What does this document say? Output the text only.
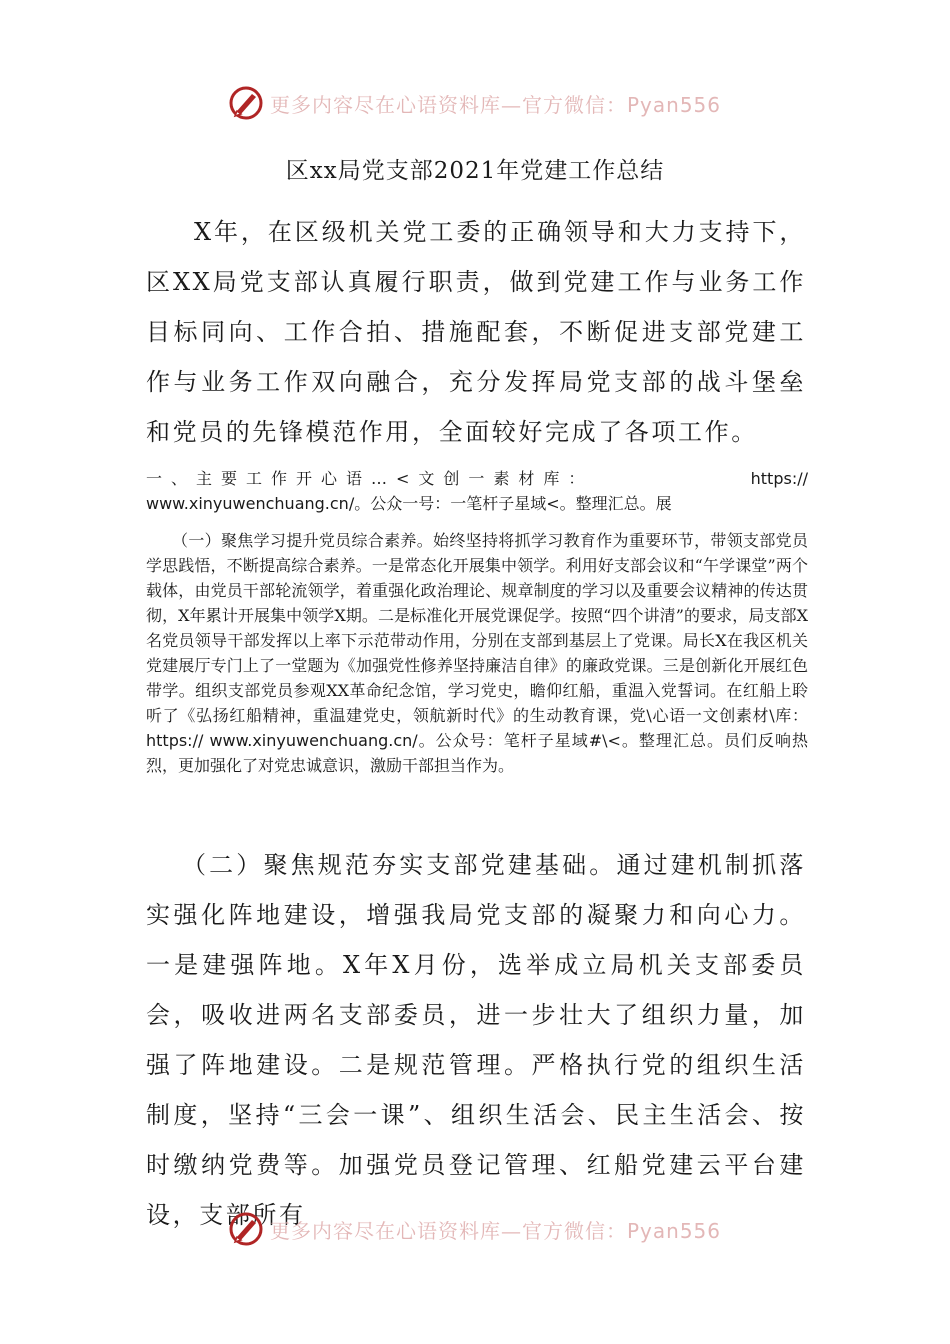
更多内容尽在心语资料库—官方微信：Pyan556
区xx局党支部2021年党建工作总结
X年，在区级机关党工委的正确领导和大力支持下，区XX局党支部认真履行职责，做到党建工作与业务工作目标同向、工作合拍、措施配套，不断促进支部党建工作与业务工作双向融合，充分发挥局党支部的战斗堡垒和党员的先锋模范作用，全面较好完成了各项工作。
一、主要工作开心语…<文创一素材库：	https://
www.xinyuwenchuang.cn/。公众一号：一笔杆子星域<。整理汇总。展
（一）聚焦学习提升党员综合素养。始终坚持将抓学习教育作为重要环节，带领支部党员学思践悟，不断提高综合素养。一是常态化开展集中领学。利用好支部会议和“午学课堂”两个载体，由党员干部轮流领学，着重强化政治理论、规章制度的学习以及重要会议精神的传达贯彻，X年累计开展集中领学X期。二是标准化开展党课促学。按照“四个讲清”的要求，局支部X名党员领导干部发挥以上率下示范带动作用，分别在支部到基层上了党课。局长X在我区机关党建展厅专门上了一堂题为《加强党性修养坚持廉洁自律》的廉政党课。三是创新化开展红色带学。组织支部党员参观XX革命纪念馆，学习党史，瞻仰红船，重温入党誓词。在红船上聆听了《弘扬红船精神，重温建党史，领航新时代》的生动教育课，党\心语一文创素材\库：https:// www.xinyuwenchuang.cn/。公众号：笔杆子星域#\<。整理汇总。员们反响热烈，更加强化了对党忠诚意识，激励干部担当作为。
（二）聚焦规范夯实支部党建基础。通过建机制抓落实强化阵地建设，增强我局党支部的凝聚力和向心力。一是建强阵地。X年X月份，选举成立局机关支部委员会，吸收进两名支部委员，进一步壮大了组织力量，加强了阵地建设。二是规范管理。严格执行党的组织生活制度，坚持“三会一课”、组织生活会、民主生活会、按时缴纳党费等。加强党员登记管理、红船党建云平台建设，支部所有
更多内容尽在心语资料库—官方微信：Pyan556
